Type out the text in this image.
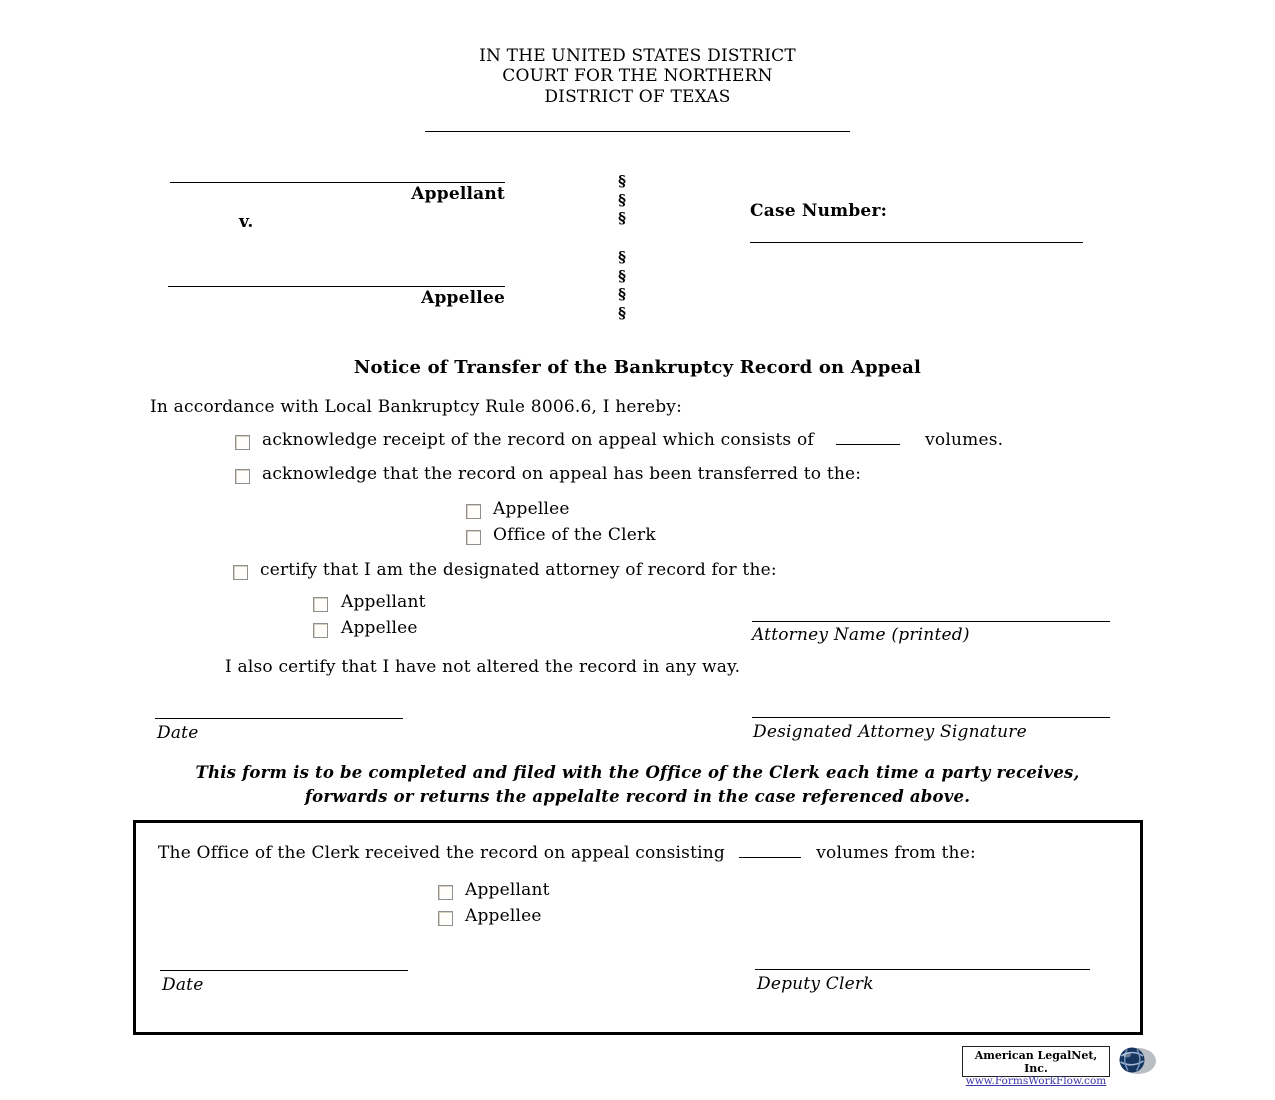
IN THE UNITED STATES DISTRICT
COURT FOR THE NORTHERN
DISTRICT OF TEXAS
Appellant
v.
Appellee
§
§
§
§
§
§
§
Case Number:
Notice of Transfer of the Bankruptcy Record on Appeal
In accordance with Local Bankruptcy Rule 8006.6, I hereby:
acknowledge receipt of the record on appeal which consists of	volumes.
acknowledge that the record on appeal has been transferred to the:
Appellee
Office of the Clerk
certify that I am the designated attorney of record for the:
Appellant
Appellee	Attorney Name (printed)
I also certify that I have not altered the record in any way.
Date	Designated Attorney Signature
This form is to be completed and filed with the Office of the Clerk each time a party receives,
forwards or returns the appelalte record in the case referenced above.
The Office of the Clerk received the record on appeal consisting	volumes from the:
Appellant
Appellee
Date	Deputy Clerk
American LegalNet, Inc.
www.FormsWorkFlow.com
